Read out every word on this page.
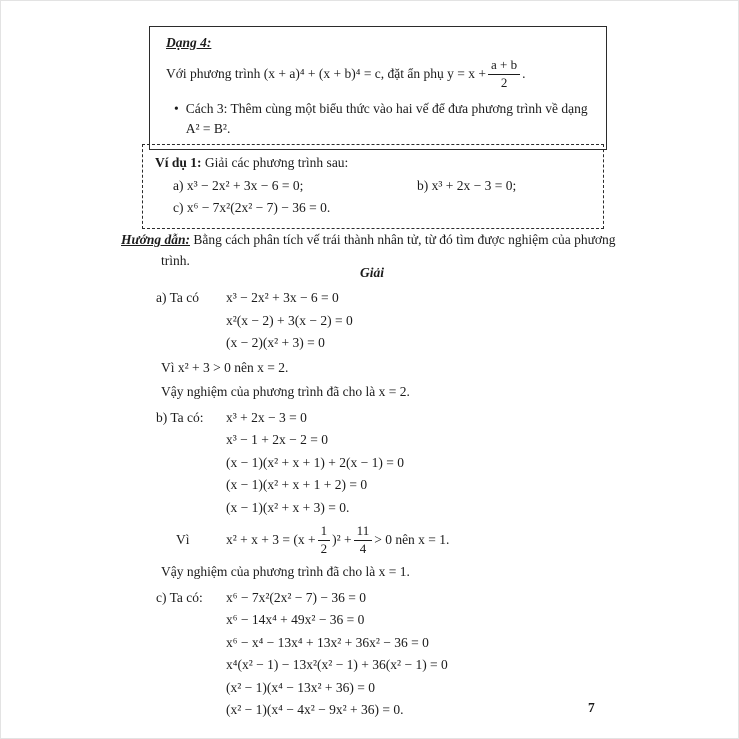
Dạng 4:
Với phương trình (x + a)⁴ + (x + b)⁴ = c, đặt ẩn phụ $y = x + \frac{a + b}{2}$ .
• Cách 3: Thêm cùng một biểu thức vào hai vế để đưa phương trình về dạng A² = B².
Ví dụ 1: Giải các phương trình sau:
a) x³ − 2x² + 3x − 6 = 0;	b) x³ + 2x − 3 = 0;
c) x⁶ − 7x²(2x² − 7) − 36 = 0.
Hướng dẫn: Bằng cách phân tích vế trái thành nhân tử, từ đó tìm được nghiệm của phương trình.
Giải
a) Ta có	x³ − 2x² + 3x − 6 = 0
x²(x − 2) + 3(x − 2) = 0
(x − 2)(x² + 3) = 0
Vì x² + 3 > 0 nên x = 2.
Vậy nghiệm của phương trình đã cho là x = 2.
b) Ta có:	x³ + 2x − 3 = 0
x³ − 1 + 2x − 2 = 0
(x − 1)(x² + x + 1) + 2(x − 1) = 0
(x − 1)(x² + x + 1 + 2) = 0
(x − 1)(x² + x + 3) = 0.
Vì	$x^2 + x + 3 = (x + \frac{1}{2} )^2 + \frac{11}{4} > 0$ nên x = 1.
Vậy nghiệm của phương trình đã cho là x = 1.
c) Ta có:	x⁶ − 7x²(2x² − 7) − 36 = 0
x⁶ − 14x⁴ + 49x² − 36 = 0
x⁶ − x⁴ − 13x⁴ + 13x² + 36x² − 36 = 0
x⁴(x² − 1) − 13x²(x² − 1) + 36(x² − 1) = 0
(x² − 1)(x⁴ − 13x² + 36) = 0
(x² − 1)(x⁴ − 4x² − 9x² + 36) = 0.	7
